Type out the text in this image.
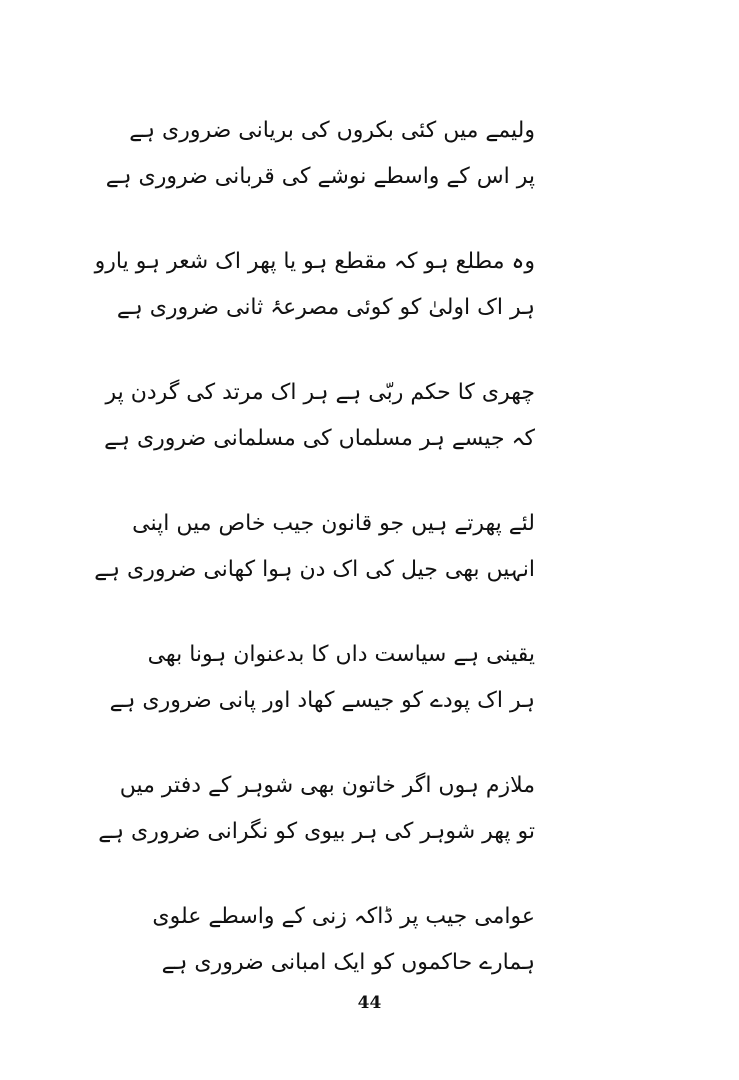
ولیمے میں کئی بکروں کی بریانی ضروری ہے
پر اس کے واسطے نوشے کی قربانی ضروری ہے
وہ مطلع ہو کہ مقطع ہو یا پھر اک شعر ہو یارو
ہر اک اولیٰ کو کوئی مصرعۂ ثانی ضروری ہے
چھری کا حکم ربّی ہے ہر اک مرتد کی گردن پر
کہ جیسے ہر مسلماں کی مسلمانی ضروری ہے
لئے پھرتے ہیں جو قانون جیب خاص میں اپنی
انہیں بھی جیل کی اک دن ہوا کھانی ضروری ہے
یقینی ہے سیاست داں کا بدعنوان ہونا بھی
ہر اک پودے کو جیسے کھاد اور پانی ضروری ہے
ملازم ہوں اگر خاتون بھی شوہر کے دفتر میں
تو پھر شوہر کی ہر بیوی کو نگرانی ضروری ہے
عوامی جیب پر ڈاکہ زنی کے واسطے علوی
ہمارے حاکموں کو ایک امبانی ضروری ہے
44
